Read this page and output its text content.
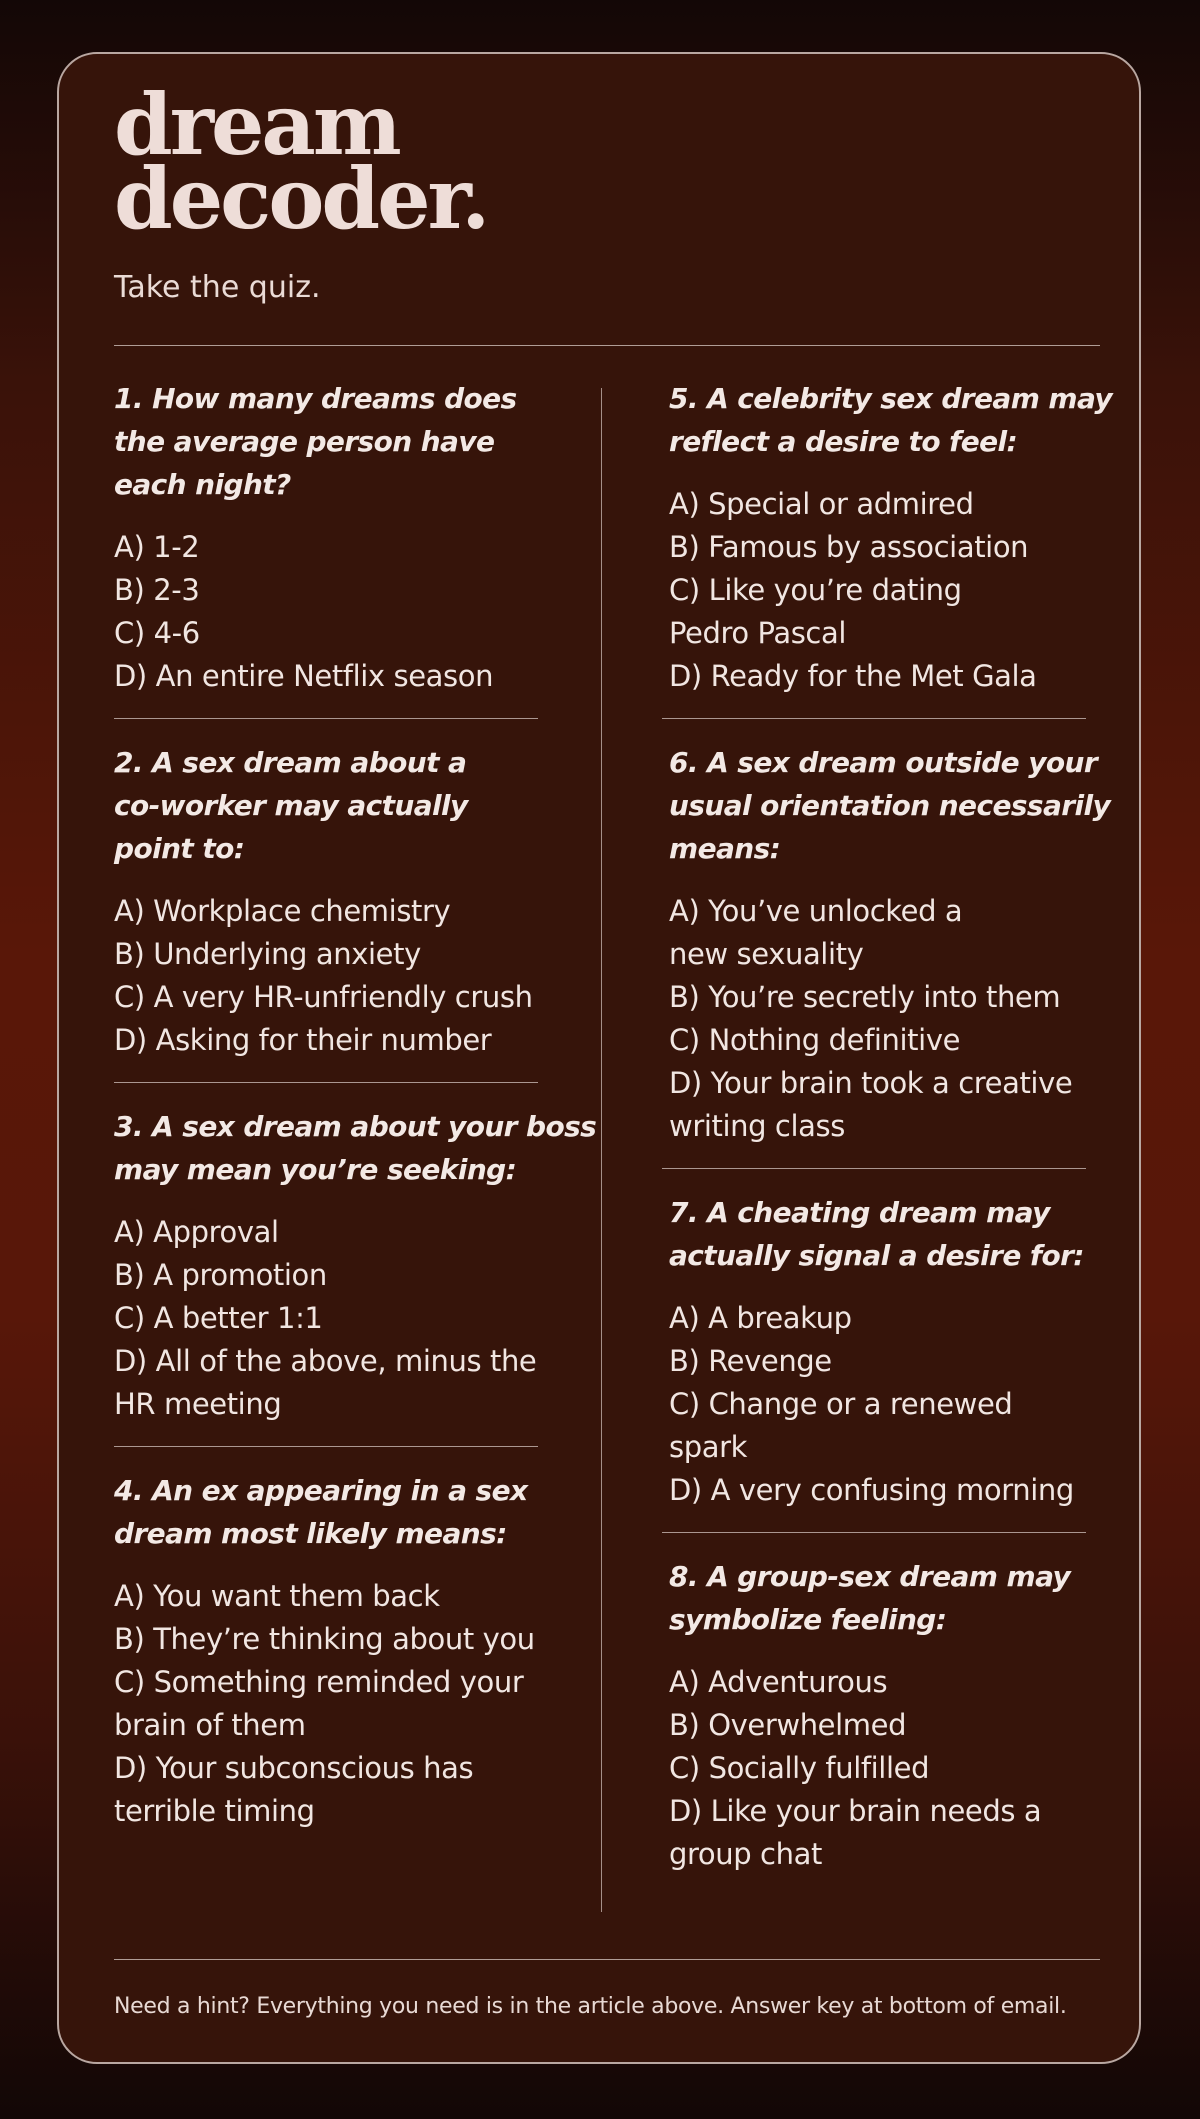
dream
decoder.

Take the quiz.

1. How many dreams does
the average person have
each night?

A) 1-2
B) 2-3
C) 4-6
D) An entire Netflix season

2. A sex dream about a
co-worker may actually
point to:

A) Workplace chemistry
B) Underlying anxiety
C) A very HR-unfriendly crush
D) Asking for their number

3. A sex dream about your boss
may mean you’re seeking:

A) Approval
B) A promotion
C) A better 1:1
D) All of the above, minus the
HR meeting

4. An ex appearing in a sex
dream most likely means:

A) You want them back
B) They’re thinking about you
C) Something reminded your
brain of them
D) Your subconscious has
terrible timing

5. A celebrity sex dream may
reflect a desire to feel:

A) Special or admired
B) Famous by association
C) Like you’re dating
Pedro Pascal
D) Ready for the Met Gala

6. A sex dream outside your
usual orientation necessarily
means:

A) You’ve unlocked a
new sexuality
B) You’re secretly into them
C) Nothing definitive
D) Your brain took a creative
writing class

7. A cheating dream may
actually signal a desire for:

A) A breakup
B) Revenge
C) Change or a renewed
spark
D) A very confusing morning

8. A group-sex dream may
symbolize feeling:

A) Adventurous
B) Overwhelmed
C) Socially fulfilled
D) Like your brain needs a
group chat

Need a hint? Everything you need is in the article above. Answer key at bottom of email.
